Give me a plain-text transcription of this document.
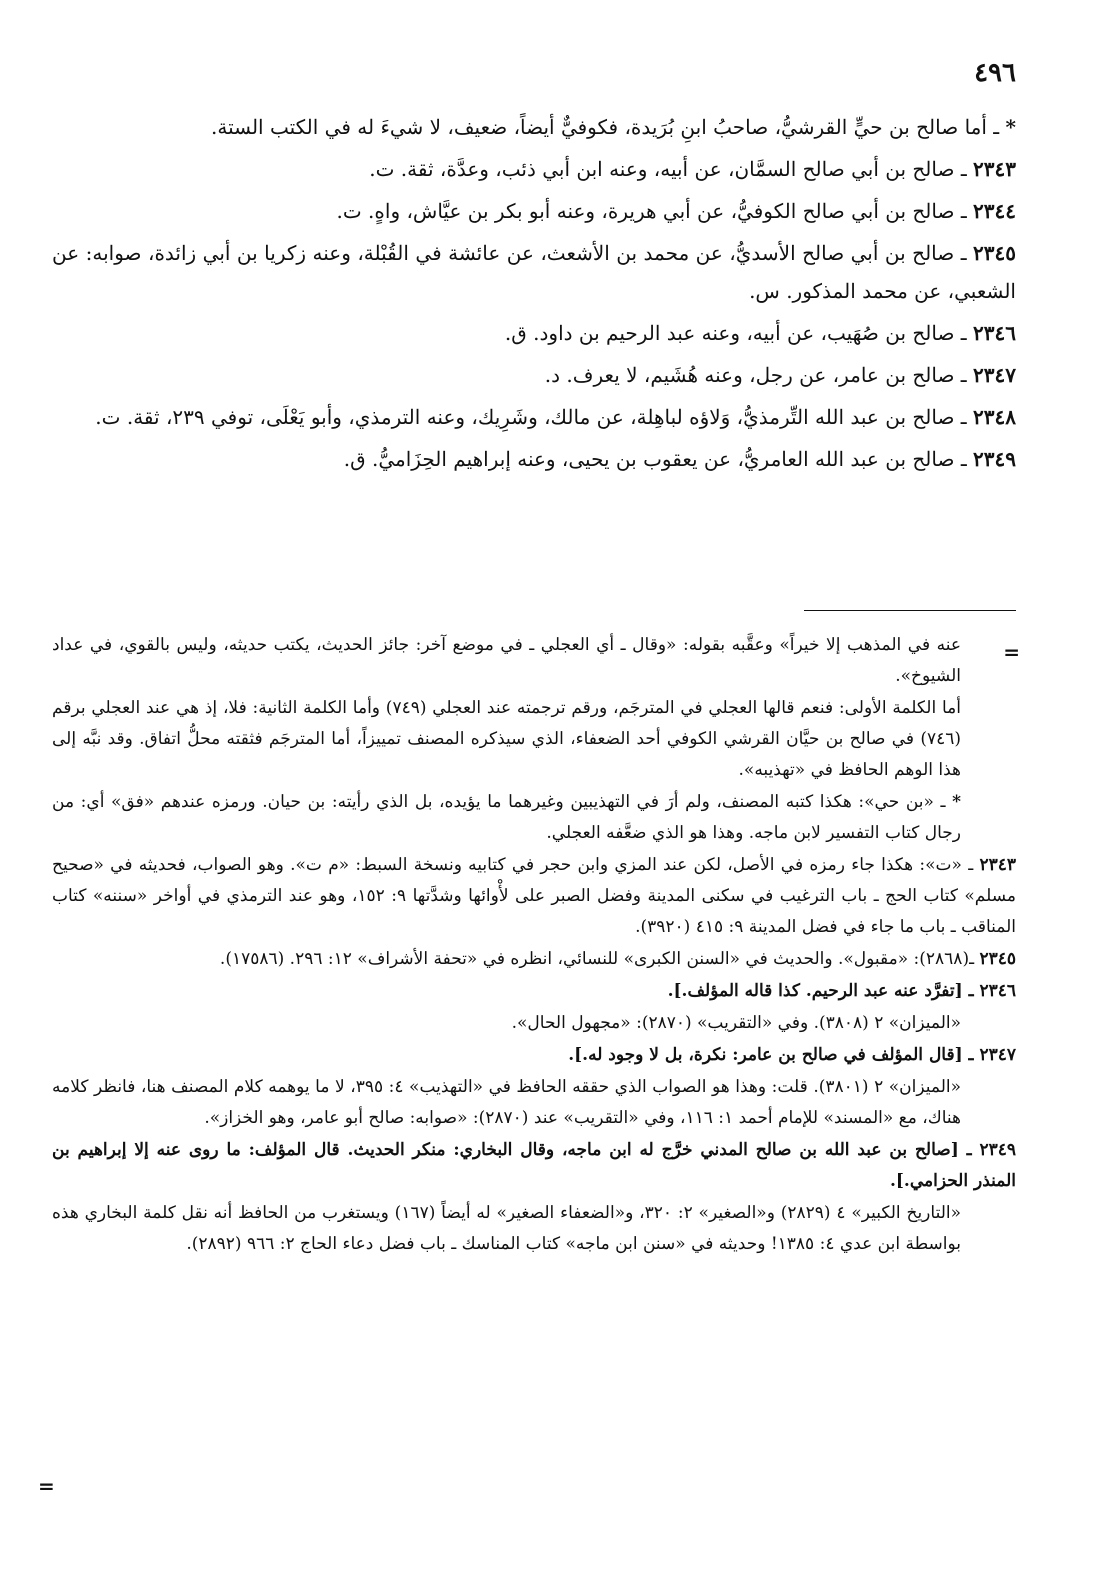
٤٩٦

* ـ أما صالح بن حيٍّ القرشيُّ، صاحبُ ابنِ بُرَيدة، فكوفيٌّ أيضاً، ضعيف، لا شيءَ له في الكتب الستة.

٢٣٤٣ ـ صالح بن أبي صالح السمَّان، عن أبيه، وعنه ابن أبي ذئب، وعدَّة، ثقة. ت.

٢٣٤٤ ـ صالح بن أبي صالح الكوفيُّ، عن أبي هريرة، وعنه أبو بكر بن عيَّاش، واهٍ. ت.

٢٣٤٥ ـ صالح بن أبي صالح الأسديُّ، عن محمد بن الأشعث، عن عائشة في القُبْلة، وعنه زكريا بن أبي زائدة، صوابه: عن الشعبي، عن محمد المذكور. س.

٢٣٤٦ ـ صالح بن صُهَيب، عن أبيه، وعنه عبد الرحيم بن داود. ق.

٢٣٤٧ ـ صالح بن عامر، عن رجل، وعنه هُشَيم، لا يعرف. د.

٢٣٤٨ ـ صالح بن عبد الله التِّرمذيُّ، وَلاؤه لباهِلة، عن مالك، وشَرِيك، وعنه الترمذي، وأبو يَعْلَى، توفي ٢٣٩، ثقة. ت.

٢٣٤٩ ـ صالح بن عبد الله العامريُّ، عن يعقوب بن يحيى، وعنه إبراهيم الحِزَاميُّ. ق.

=

عنه في المذهب إلا خيراً» وعقَّبه بقوله: «وقال ـ أي العجلي ـ في موضع آخر: جائز الحديث، يكتب حديثه، وليس بالقوي، في عداد الشيوخ».

أما الكلمة الأولى: فنعم قالها العجلي في المترجَم، ورقم ترجمته عند العجلي (٧٤٩) وأما الكلمة الثانية: فلا، إذ هي عند العجلي برقم (٧٤٦) في صالح بن حيَّان القرشي الكوفي أحد الضعفاء، الذي سيذكره المصنف تمييزاً، أما المترجَم فثقته محلُّ اتفاق. وقد نبَّه إلى هذا الوهم الحافظ في «تهذيبه».

* ـ «بن حي»: هكذا كتبه المصنف، ولم أرَ في التهذيبين وغيرهما ما يؤيده، بل الذي رأيته: بن حيان. ورمزه عندهم «فق» أي: من رجال كتاب التفسير لابن ماجه. وهذا هو الذي ضعَّفه العجلي.

٢٣٤٣ ـ «ت»: هكذا جاء رمزه في الأصل، لكن عند المزي وابن حجر في كتابيه ونسخة السبط: «م ت». وهو الصواب، فحديثه في «صحيح مسلم» كتاب الحج ـ باب الترغيب في سكنى المدينة وفضل الصبر على لأْوائها وشدَّتها ٩: ١٥٢، وهو عند الترمذي في أواخر «سننه» كتاب المناقب ـ باب ما جاء في فضل المدينة ٩: ٤١٥ (٣٩٢٠).

٢٣٤٥ ـ(٢٨٦٨): «مقبول». والحديث في «السنن الكبرى» للنسائي، انظره في «تحفة الأشراف» ١٢: ٢٩٦. (١٧٥٨٦).

٢٣٤٦ ـ [تفرَّد عنه عبد الرحيم. كذا قاله المؤلف.].

«الميزان» ٢ (٣٨٠٨). وفي «التقريب» (٢٨٧٠): «مجهول الحال».

٢٣٤٧ ـ [قال المؤلف في صالح بن عامر: نكرة، بل لا وجود له.].

«الميزان» ٢ (٣٨٠١). قلت: وهذا هو الصواب الذي حققه الحافظ في «التهذيب» ٤: ٣٩٥، لا ما يوهمه كلام المصنف هنا، فانظر كلامه هناك، مع «المسند» للإمام أحمد ١: ١١٦، وفي «التقريب» عند (٢٨٧٠): «صوابه: صالح أبو عامر، وهو الخزاز».

٢٣٤٩ ـ [صالح بن عبد الله بن صالح المدني خرَّج له ابن ماجه، وقال البخاري: منكر الحديث. قال المؤلف: ما روى عنه إلا إبراهيم بن المنذر الحزامي.].

«التاريخ الكبير» ٤ (٢٨٢٩) و«الصغير» ٢: ٣٢٠، و«الضعفاء الصغير» له أيضاً (١٦٧) ويستغرب من الحافظ أنه نقل كلمة البخاري هذه بواسطة ابن عدي ٤: ١٣٨٥! وحديثه في «سنن ابن ماجه» كتاب المناسك ـ باب فضل دعاء الحاج ٢: ٩٦٦ (٢٨٩٢).

=
